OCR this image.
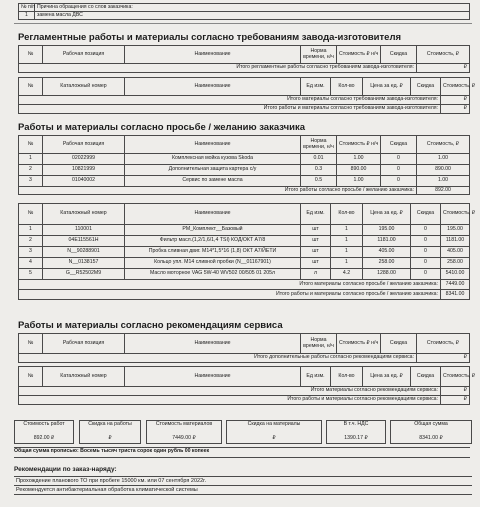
№ п/п	Причина обращения со слов заказчика:
1	замена масла ДВС
Регламентные работы и материалы согласно требованиям завода-изготовителя
№	Рабочая позиция	Наименование	Норма времени, н/ч	Стоимость ₽ н/ч	Скидка	Стоимость, ₽
Итого регламентные работы согласно требованиям завода-изготовителя:						₽
№	Каталожный номер	Наименование	Ед изм.	Кол-во	Цена за ед. ₽	Скидка	Стоимость, ₽
Итого материалы согласно требованиям завода-изготовителя:							₽
Итого работы и материалы согласно требованиям завода-изготовителя:							₽
Работы и материалы согласно просьбе / желанию заказчика
№	Рабочая позиция	Наименование	Норма времени, н/ч	Стоимость ₽ н/ч	Скидка	Стоимость, ₽
1	02022999	Комплексная мойка кузова Skoda	0.01	1.00	0	1.00
2	10821999	Дополнительная защита картера с/у	0.3	890.00	0	890.00
3	01040002	Сервис по замене масла	0.5	1.00	0	1.00
Итого работы согласно просьбе / желанию заказчика:						892.00
№	Каталожный номер	Наименование	Ед изм.	Кол-во	Цена за ед. ₽	Скидка	Стоимость, ₽
1	110001	PM_Комплект__Базовый	шт	1	195.00	0	195.00
2	04E115561H	Фильтр масл.(1,2/1,6/1,4 TSI) КОД/ОКТ А7/8	шт	1	1181.00	0	1181.00
3	N__90288901	Пробка сливная двиг. M14*1,5*16 (1,8) ОКТ А7/ЙЕТИ	шт	1	405.00	0	405.00
4	N__0138157	Кольцо упл. M14 сливной пробки (N__01167901)	шт	1	258.00	0	258.00
5	G__R52502M9	Масло моторное VAG 5W-40 WV502 00/505 01 205л	л	4.2	1288.00	0	5410.00
Итого материалы согласно просьбе / желанию заказчика:							7449.00
Итого работы и материалы согласно просьбе / желанию заказчика:							8341.00
Работы и материалы согласно рекомендациям сервиса
№	Рабочая позиция	Наименование	Норма времени, н/ч	Стоимость ₽ н/ч	Скидка	Стоимость, ₽
Итого дополнительные работы согласно рекомендациям сервиса:						₽
№	Каталожный номер	Наименование	Ед изм.	Кол-во	Цена за ед. ₽	Скидка	Стоимость, ₽
Итого материалы согласно рекомендациям сервиса:							₽
Итого работы и материалы согласно рекомендациям сервиса:							₽
Стоимость работ
892.00 ₽
Скидка на работы
₽
Стоимость материалов
7449.00 ₽
Скидка на материалы
₽
В т.ч. НДС
1390.17 ₽
Общая сумма
8341.00 ₽
Общая сумма прописью: Восемь тысяч триста сорок один рубль 00 копеек
Рекомендации по заказ-наряду:
Прохождение планового ТО при пробеге 15000 км. или 07 сентября 2022г.
Рекомендуется антибактериальная обработка климатической системы
